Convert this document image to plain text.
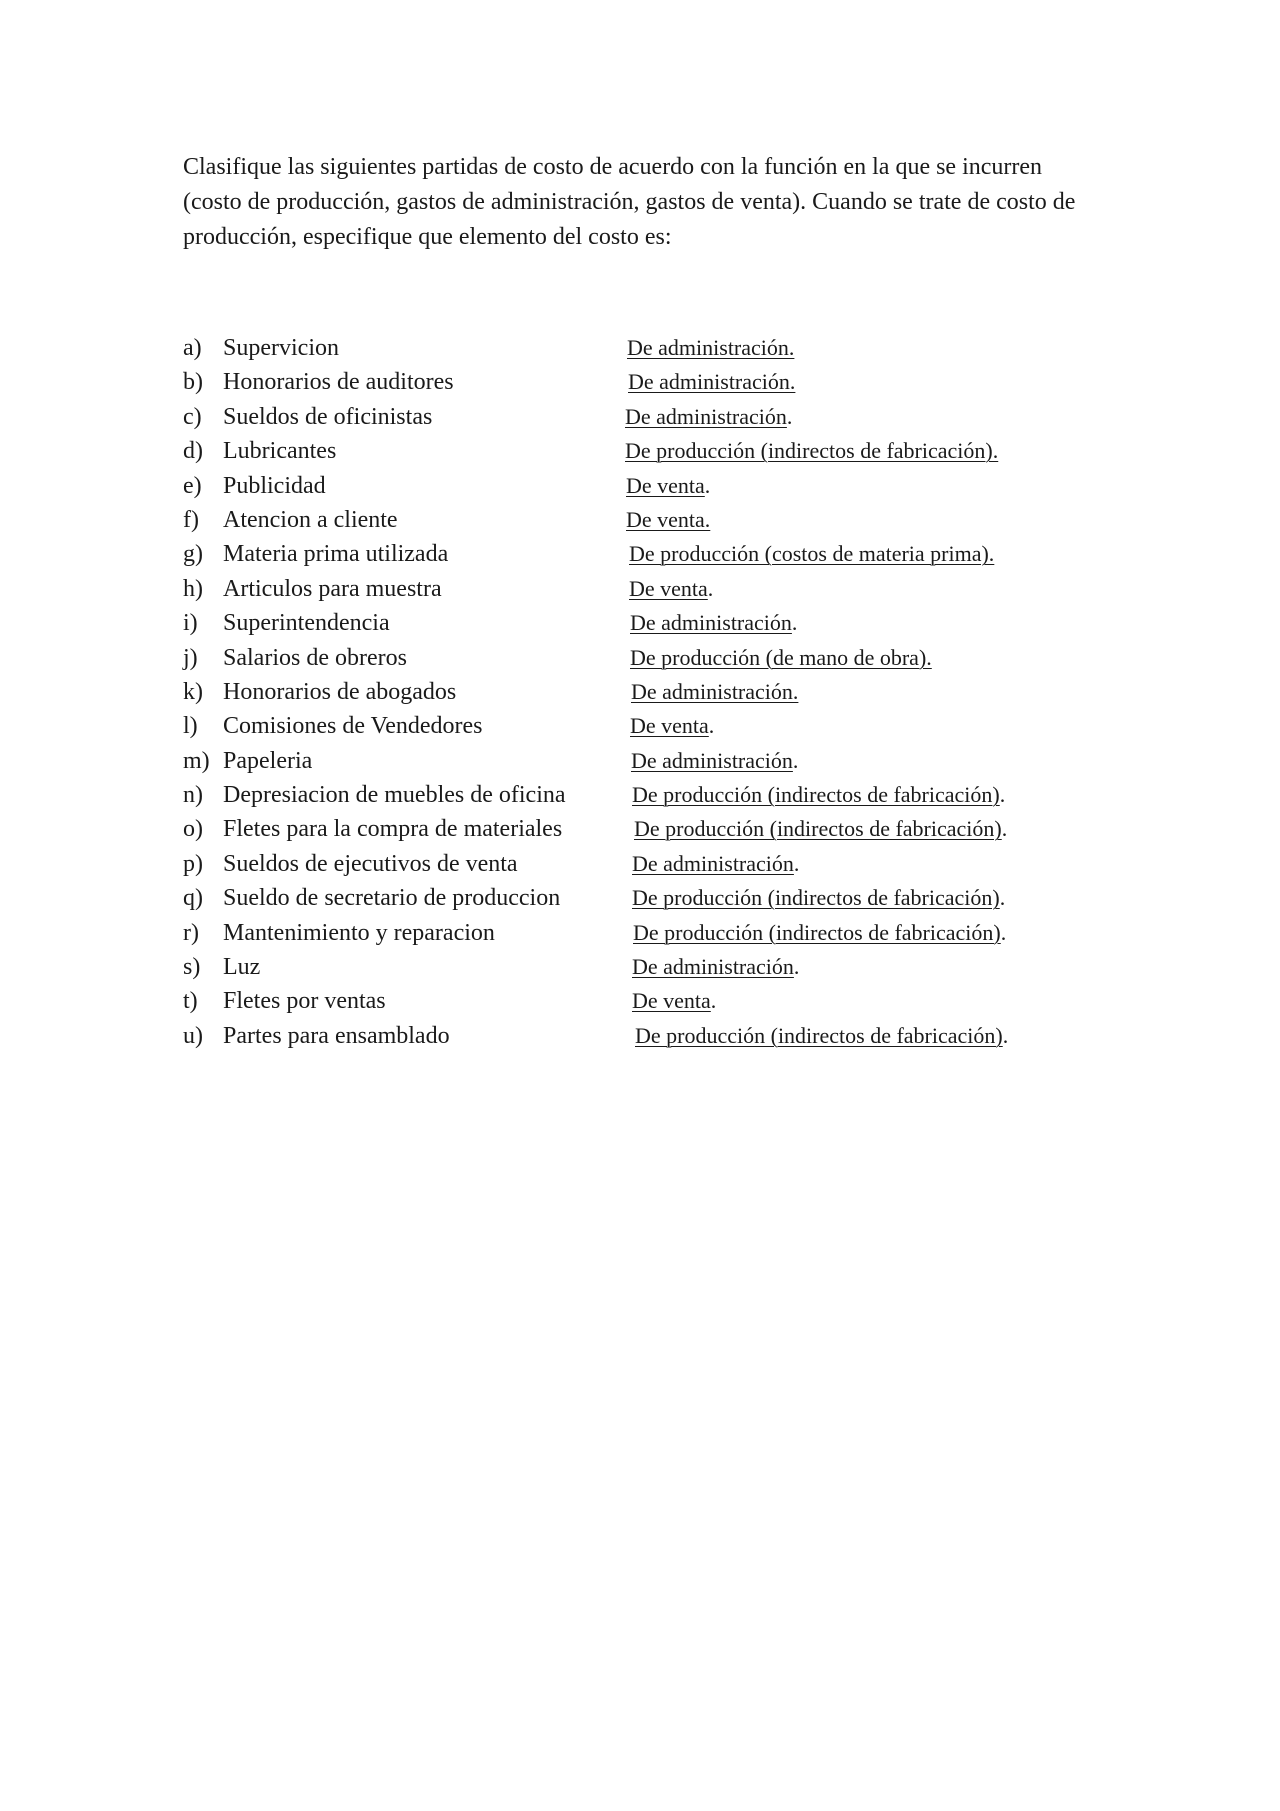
Clasifique las siguientes partidas de costo de acuerdo con la función en la que se incurren (costo de producción, gastos de administración, gastos de venta). Cuando se trate de costo de producción, especifique que elemento del costo es:

a) Supervicion	De administración.
b) Honorarios de auditores	De administración.
c) Sueldos de oficinistas	De administración.
d) Lubricantes	De producción (indirectos de fabricación).
e) Publicidad	De venta.
f) Atencion a cliente	De venta.
g) Materia prima utilizada	De producción (costos de materia prima).
h) Articulos para muestra	De venta.
i) Superintendencia	De administración.
j) Salarios de obreros	De producción (de mano de obra).
k) Honorarios de abogados	De administración.
l) Comisiones de Vendedores	De venta.
m) Papeleria	De administración.
n) Depresiacion de muebles de oficina	De producción (indirectos de fabricación).
o) Fletes para la compra de materiales	De producción (indirectos de fabricación).
p) Sueldos de ejecutivos de venta	De administración.
q) Sueldo de secretario de produccion	De producción (indirectos de fabricación).
r) Mantenimiento y reparacion	De producción (indirectos de fabricación).
s) Luz	De administración.
t) Fletes por ventas	De venta.
u) Partes para ensamblado	De producción (indirectos de fabricación).
